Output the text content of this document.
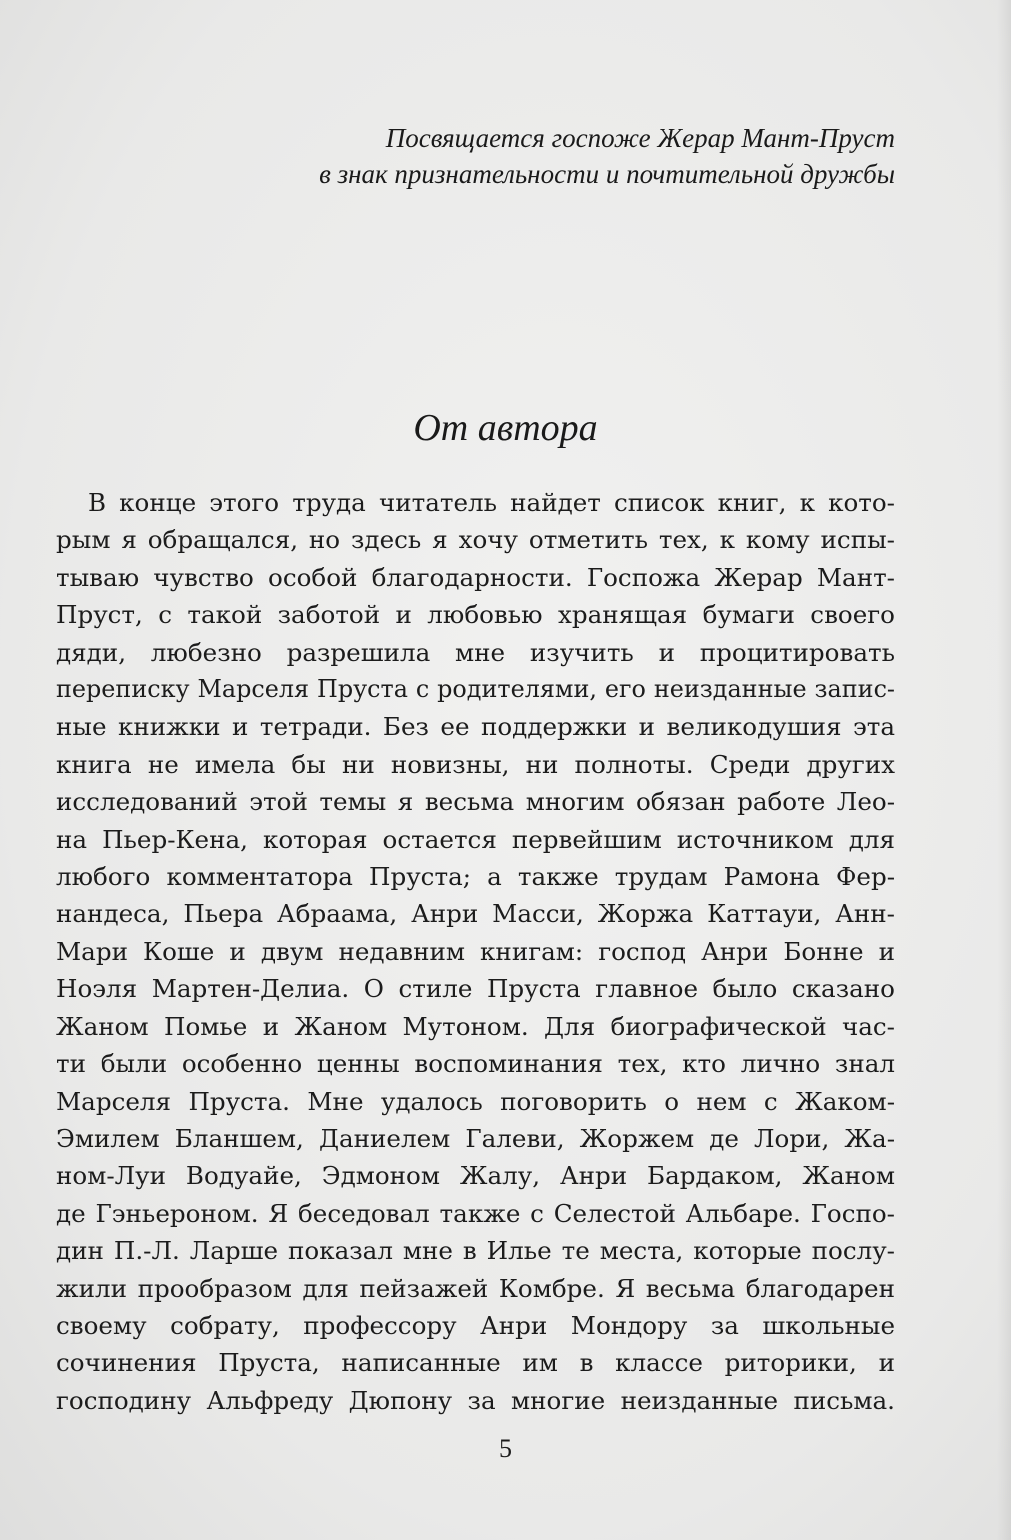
Посвящается госпоже Жерар Мант-Пруст
в знак признательности и почтительной дружбы
От автора
В конце этого труда читатель найдет список книг, к кото-
рым я обращался, но здесь я хочу отметить тех, к кому испы-
тываю чувство особой благодарности. Госпожа Жерар Мант-
Пруст, с такой заботой и любовью хранящая бумаги своего
дяди, любезно разрешила мне изучить и процитировать
переписку Марселя Пруста с родителями, его неизданные запис-
ные книжки и тетради. Без ее поддержки и великодушия эта
книга не имела бы ни новизны, ни полноты. Среди других
исследований этой темы я весьма многим обязан работе Лео-
на Пьер-Кена, которая остается первейшим источником для
любого комментатора Пруста; а также трудам Рамона Фер-
нандеса, Пьера Абраама, Анри Масси, Жоржа Каттауи, Анн-
Мари Коше и двум недавним книгам: господ Анри Бонне и
Ноэля Мартен-Делиа. О стиле Пруста главное было сказано
Жаном Помье и Жаном Мутоном. Для биографической час-
ти были особенно ценны воспоминания тех, кто лично знал
Марселя Пруста. Мне удалось поговорить о нем с Жаком-
Эмилем Бланшем, Даниелем Галеви, Жоржем де Лори, Жа-
ном-Луи Водуайе, Эдмоном Жалу, Анри Бардаком, Жаном
де Гэньероном. Я беседовал также с Селестой Альбаре. Госпо-
дин П.-Л. Ларше показал мне в Илье те места, которые послу-
жили прообразом для пейзажей Комбре. Я весьма благодарен
своему собрату, профессору Анри Мондору за школьные
сочинения Пруста, написанные им в классе риторики, и
господину Альфреду Дюпону за многие неизданные письма.
5
